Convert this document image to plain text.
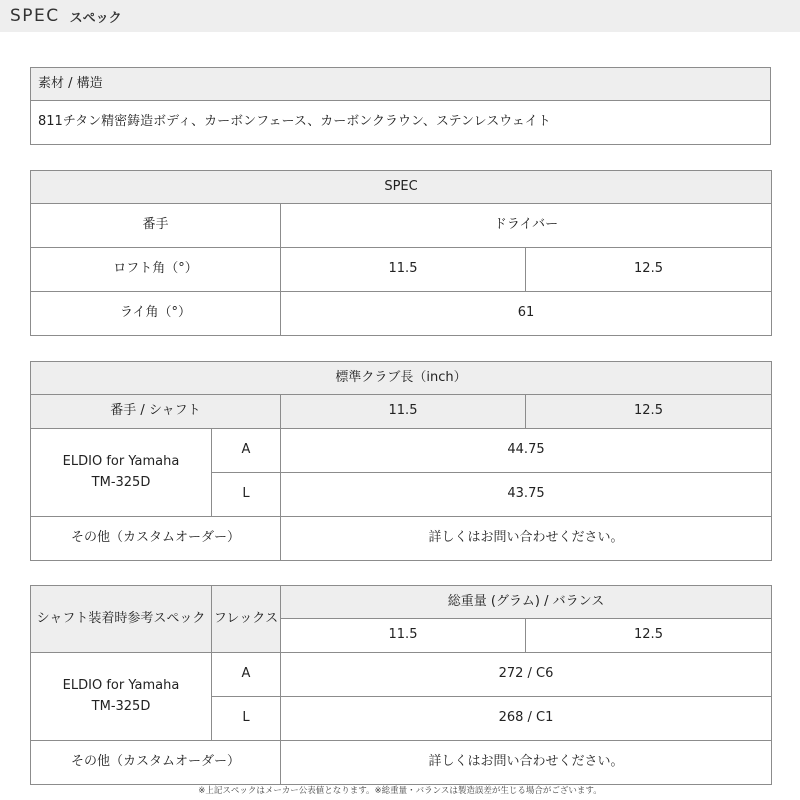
SPEC スペック
素材 / 構造
811チタン精密鋳造ボディ、カーボンフェース、カーボンクラウン、ステンレスウェイト
SPEC		
番手	ドライバー	
ロフト角（°）	11.5	12.5
ライ角（°）	61	
標準クラブ長（inch）			
番手 / シャフト		11.5	12.5

ELDIO for Yamaha
TM-325D	A	44.75	
	L	43.75	
その他（カスタムオーダー）		詳しくはお問い合わせください。	
シャフト装着時参考スペック	フレックス	総重量 (グラム) / バランス	
		11.5	12.5

ELDIO for Yamaha
TM-325D	A	272 / C6	
	L	268 / C1	
その他（カスタムオーダー）		詳しくはお問い合わせください。	
※上記スペックはメーカー公表値となります。※総重量・バランスは製造誤差が生じる場合がございます。
